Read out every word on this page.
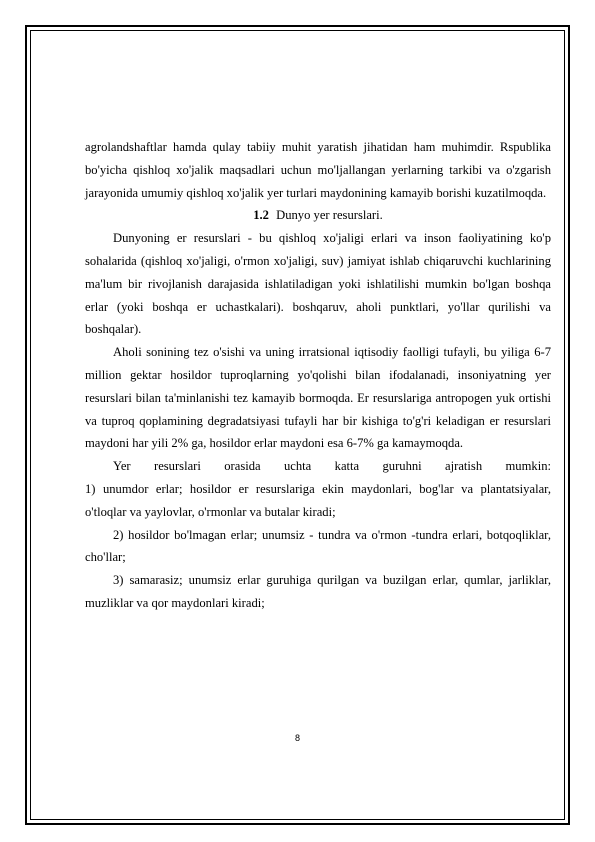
agrolandshaftlar hamda qulay tabiiy muhit yaratish jihatidan ham muhimdir. Rspublika bo'yicha qishloq xo'jalik maqsadlari uchun mo'ljallangan yerlarning tarkibi va o'zgarish jarayonida umumiy qishloq xo'jalik yer turlari maydonining kamayib borishi kuzatilmoqda.

1.2 Dunyo yer resurslari.

Dunyoning er resurslari - bu qishloq xo'jaligi erlari va inson faoliyatining ko'p sohalarida (qishloq xo'jaligi, o'rmon xo'jaligi, suv) jamiyat ishlab chiqaruvchi kuchlarining ma'lum bir rivojlanish darajasida ishlatiladigan yoki ishlatilishi mumkin bo'lgan boshqa erlar (yoki boshqa er uchastkalari). boshqaruv, aholi punktlari, yo'llar qurilishi va boshqalar).

Aholi sonining tez o'sishi va uning irratsional iqtisodiy faolligi tufayli, bu yiliga 6-7 million gektar hosildor tuproqlarning yo'qolishi bilan ifodalanadi, insoniyatning yer resurslari bilan ta'minlanishi tez kamayib bormoqda. Er resurslariga antropogen yuk ortishi va tuproq qoplamining degradatsiyasi tufayli har bir kishiga to'g'ri keladigan er resurslari maydoni har yili 2% ga, hosildor erlar maydoni esa 6-7% ga kamaymoqda.

Yer resurslari orasida uchta katta guruhni ajratish mumkin:

1) unumdor erlar; hosildor er resurslariga ekin maydonlari, bog'lar va plantatsiyalar, o'tloqlar va yaylovlar, o'rmonlar va butalar kiradi;

2) hosildor bo'lmagan erlar; unumsiz - tundra va o'rmon -tundra erlari, botqoqliklar, cho'llar;

3) samarasiz; unumsiz erlar guruhiga qurilgan va buzilgan erlar, qumlar, jarliklar, muzliklar va qor maydonlari kiradi;

8
